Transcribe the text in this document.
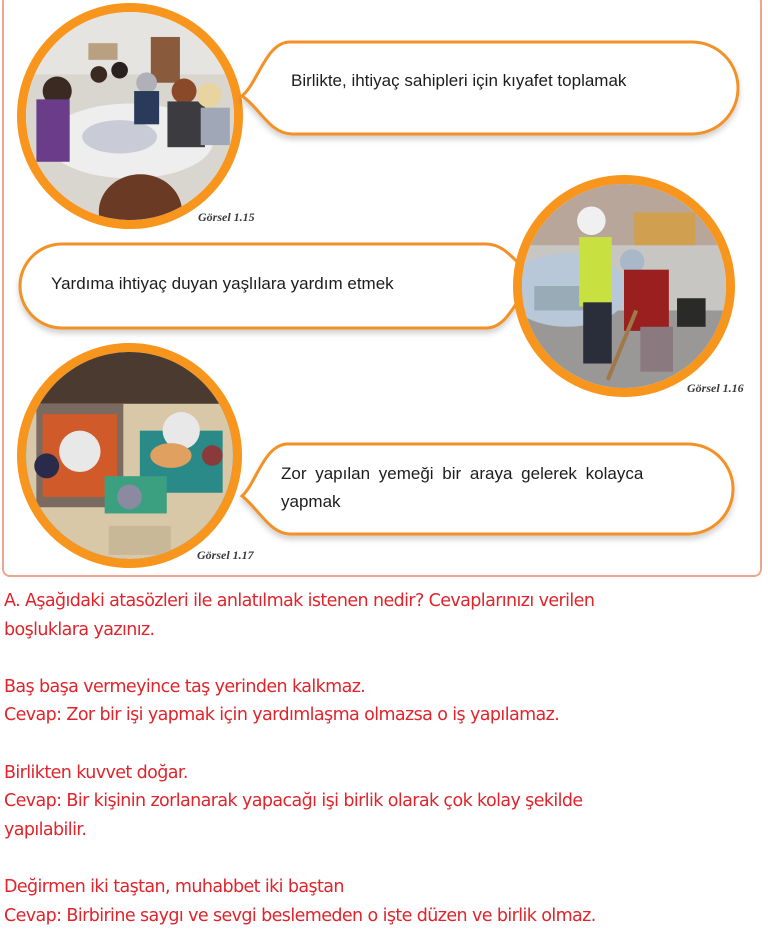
Görsel 1.15
Birlikte, ihtiyaç sahipleri için kıyafet toplamak
Yardıma ihtiyaç duyan yaşlılara yardım etmek
Görsel 1.16
Görsel 1.17
Zor yapılan yemeği bir araya gelerek kolayca
yapmak

A. Aşağıdaki atasözleri ile anlatılmak istenen nedir? Cevaplarınızı verilen

boşluklara yazınız.

Baş başa vermeyince taş yerinden kalkmaz.

Cevap: Zor bir işi yapmak için yardımlaşma olmazsa o iş yapılamaz.

Birlikten kuvvet doğar.

Cevap: Bir kişinin zorlanarak yapacağı işi birlik olarak çok kolay şekilde

yapılabilir.

Değirmen iki taştan, muhabbet iki baştan

Cevap: Birbirine saygı ve sevgi beslemeden o işte düzen ve birlik olmaz.
